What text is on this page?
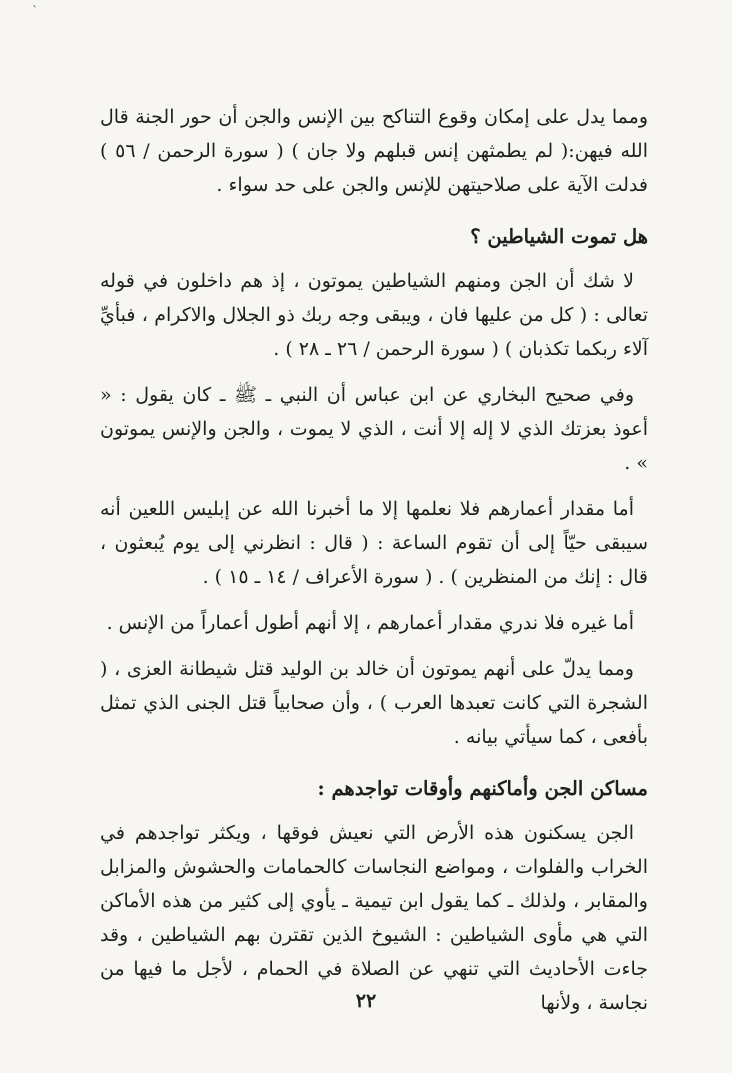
ˋ

ومما يدل على إمكان وقوع التناكح بين الإنس والجن أن حور الجنة قال الله فيهن:( لم يطمثهن إنس قبلهم ولا جان ) ( سورة الرحمن / ٥٦ ) فدلت الآية على صلاحيتهن للإنس والجن على حد سواء .

هل تموت الشياطين ؟

لا شك أن الجن ومنهم الشياطين يموتون ، إذ هم داخلون في قوله تعالى : ( كل من عليها فان ، ويبقى وجه ربك ذو الجلال والاكرام ، فبأيِّ آلاء ربكما تكذبان ) ( سورة الرحمن / ٢٦ ـ ٢٨ ) .

وفي صحيح البخاري عن ابن عباس أن النبي ـ ﷺ ـ كان يقول : « أعوذ بعزتك الذي لا إله إلا أنت ، الذي لا يموت ، والجن والإنس يموتون » .

أما مقدار أعمارهم فلا نعلمها إلا ما أخبرنا الله عن إبليس اللعين أنه سيبقى حيّاً إلى أن تقوم الساعة : ( قال : انظرني إلى يوم يُبعثون ، قال : إنك من المنظرين ) . ( سورة الأعراف / ١٤ ـ ١٥ ) .

أما غيره فلا ندري مقدار أعمارهم ، إلا أنهم أطول أعماراً من الإنس .

ومما يدلّ على أنهم يموتون أن خالد بن الوليد قتل شيطانة العزى ، ( الشجرة التي كانت تعبدها العرب ) ، وأن صحابياً قتل الجنى الذي تمثل بأفعى ، كما سيأتي بيانه .

مساكن الجن وأماكنهم وأوقات تواجدهم :

الجن يسكنون هذه الأرض التي نعيش فوقها ، ويكثر تواجدهم في الخراب والفلوات ، ومواضع النجاسات كالحمامات والحشوش والمزابل والمقابر ، ولذلك ـ كما يقول ابن تيمية ـ يأوي إلى كثير من هذه الأماكن التي هي مأوى الشياطين : الشيوخ الذين تقترن بهم الشياطين ، وقد جاءت الأحاديث التي تنهي عن الصلاة في الحمام ، لأجل ما فيها من نجاسة ، ولأنها

٢٢
